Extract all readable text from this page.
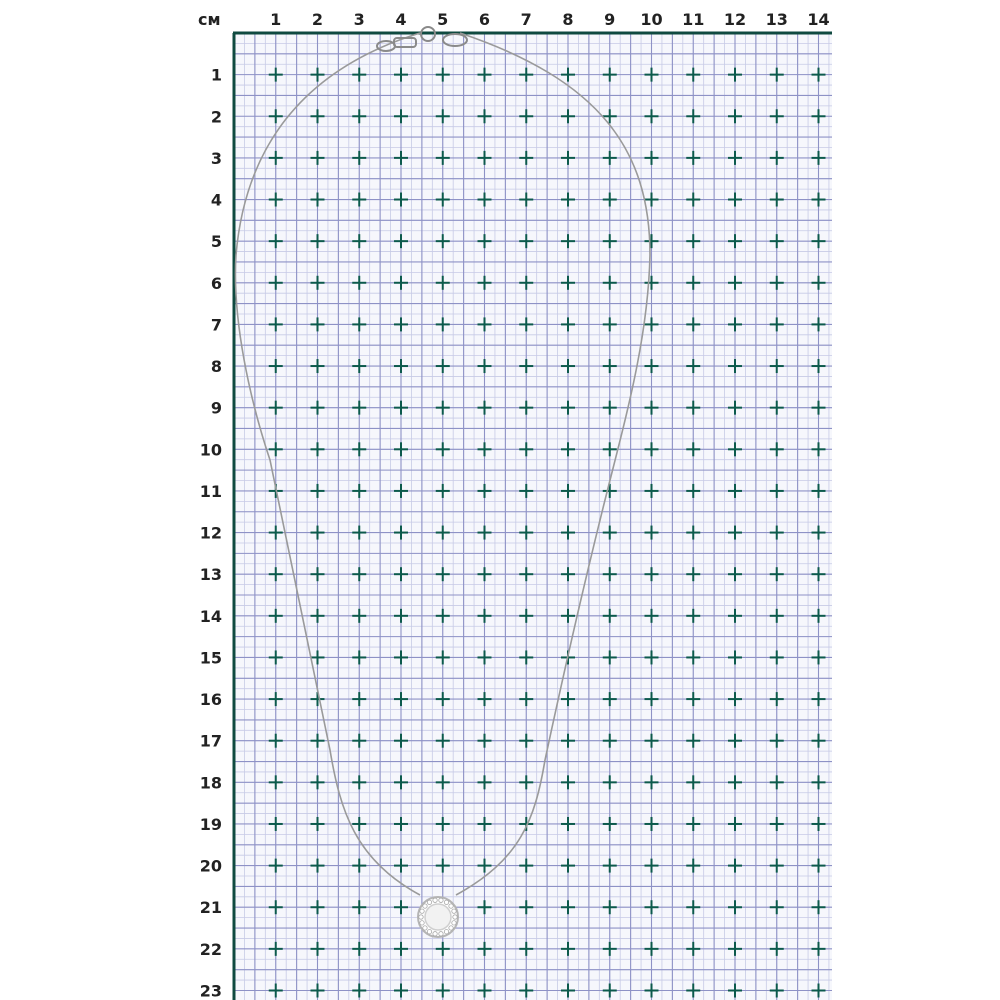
см	1 2 3 4 5 6 7 8 9 10 11 12 13 14
1
2
3
4
5
6
7
8
9
10
11
12
13
14
15
16
17
18
19
20
21
22
23
